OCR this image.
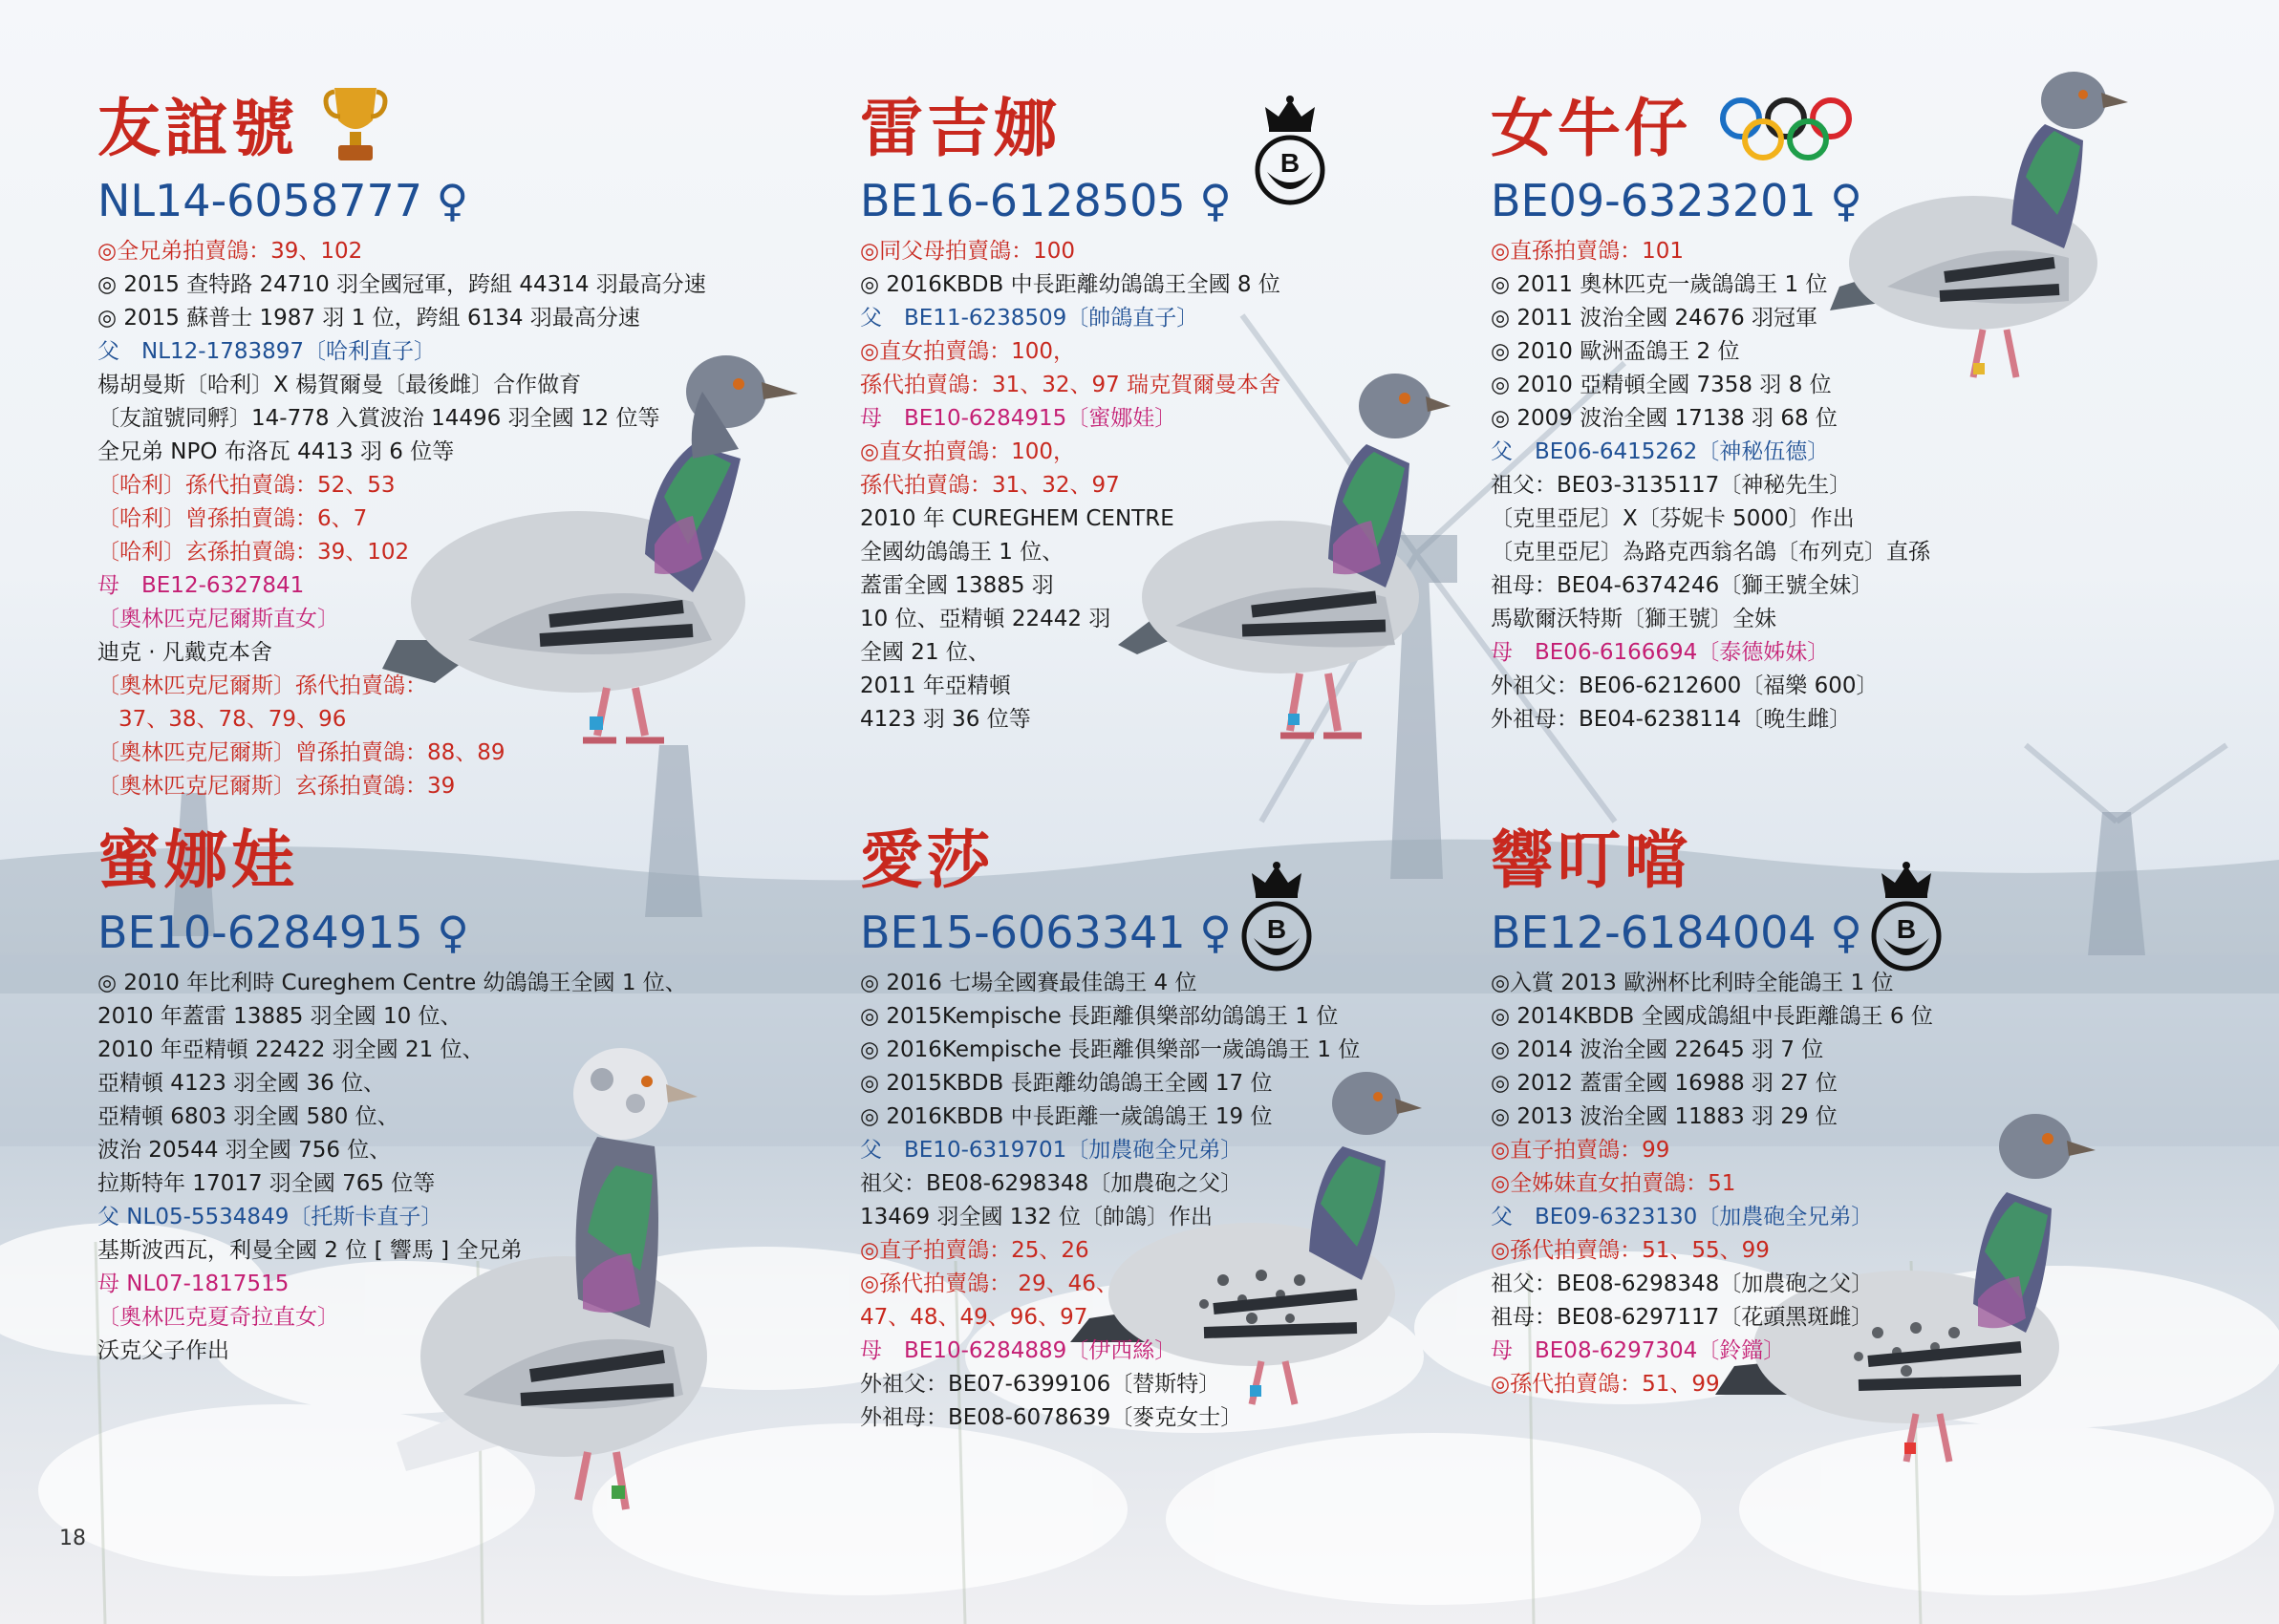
B
B	B
友誼號
NL14-6058777 ♀
◎全兄弟拍賣鴿：39、102
◎ 2015 查特路 24710 羽全國冠軍，跨組 44314 羽最高分速
◎ 2015 蘇普士 1987 羽 1 位，跨組 6134 羽最高分速
父　NL12-1783897〔哈利直子〕
楊胡曼斯〔哈利〕X 楊賀爾曼〔最後雌〕合作做育
〔友誼號同孵〕14-778 入賞波治 14496 羽全國 12 位等
全兄弟 NPO 布洛瓦 4413 羽 6 位等
〔哈利〕孫代拍賣鴿：52、53
〔哈利〕曾孫拍賣鴿：6、7
〔哈利〕玄孫拍賣鴿：39、102
母　BE12-6327841
〔奧林匹克尼爾斯直女〕
迪克 · 凡戴克本舍
〔奧林匹克尼爾斯〕孫代拍賣鴿：
37、38、78、79、96
〔奧林匹克尼爾斯〕曾孫拍賣鴿：88、89
〔奧林匹克尼爾斯〕玄孫拍賣鴿：39
雷吉娜
BE16-6128505 ♀
◎同父母拍賣鴿：100
◎ 2016KBDB 中長距離幼鴿鴿王全國 8 位
父　BE11-6238509〔帥鴿直子〕
◎直女拍賣鴿：100，
孫代拍賣鴿：31、32、97 瑞克賀爾曼本舍
母　BE10-6284915〔蜜娜娃〕
◎直女拍賣鴿：100，
孫代拍賣鴿：31、32、97
2010 年 CUREGHEM CENTRE
全國幼鴿鴿王 1 位、
蓋雷全國 13885 羽
10 位、亞精頓 22442 羽
全國 21 位、
2011 年亞精頓
4123 羽 36 位等
女牛仔
BE09-6323201 ♀
◎直孫拍賣鴿：101
◎ 2011 奧林匹克一歲鴿鴿王 1 位
◎ 2011 波治全國 24676 羽冠軍
◎ 2010 歐洲盃鴿王 2 位
◎ 2010 亞精頓全國 7358 羽 8 位
◎ 2009 波治全國 17138 羽 68 位
父　BE06-6415262〔神秘伍德〕
祖父：BE03-3135117〔神秘先生〕
〔克里亞尼〕X〔芬妮卡 5000〕作出
〔克里亞尼〕為路克西翁名鴿〔布列克〕直孫
祖母：BE04-6374246〔獅王號全妹〕
馬歇爾沃特斯〔獅王號〕全妹
母　BE06-6166694〔泰德姊妹〕
外祖父：BE06-6212600〔福樂 600〕
外祖母：BE04-6238114〔晚生雌〕
蜜娜娃
BE10-6284915 ♀
◎ 2010 年比利時 Cureghem Centre 幼鴿鴿王全國 1 位、
2010 年蓋雷 13885 羽全國 10 位、
2010 年亞精頓 22422 羽全國 21 位、
亞精頓 4123 羽全國 36 位、
亞精頓 6803 羽全國 580 位、
波治 20544 羽全國 756 位、
拉斯特年 17017 羽全國 765 位等
父 NL05-5534849〔托斯卡直子〕
基斯波西瓦，利曼全國 2 位 [ 響馬 ] 全兄弟
母 NL07-1817515
〔奧林匹克夏奇拉直女〕
沃克父子作出
愛莎
BE15-6063341 ♀
◎ 2016 七場全國賽最佳鴿王 4 位
◎ 2015Kempische 長距離俱樂部幼鴿鴿王 1 位
◎ 2016Kempische 長距離俱樂部一歲鴿鴿王 1 位
◎ 2015KBDB 長距離幼鴿鴿王全國 17 位
◎ 2016KBDB 中長距離一歲鴿鴿王 19 位
父　BE10-6319701〔加農砲全兄弟〕
祖父：BE08-6298348〔加農砲之父〕
13469 羽全國 132 位〔帥鴿〕作出
◎直子拍賣鴿：25、26
◎孫代拍賣鴿： 29、46、
47、48、49、96、97
母　BE10-6284889〔伊西絲〕
外祖父：BE07-6399106〔替斯特〕
外祖母：BE08-6078639〔麥克女士〕
響叮噹
BE12-6184004 ♀
◎入賞 2013 歐洲杯比利時全能鴿王 1 位
◎ 2014KBDB 全國成鴿組中長距離鴿王 6 位
◎ 2014 波治全國 22645 羽 7 位
◎ 2012 蓋雷全國 16988 羽 27 位
◎ 2013 波治全國 11883 羽 29 位
◎直子拍賣鴿：99
◎全姊妹直女拍賣鴿：51
父　BE09-6323130〔加農砲全兄弟〕
◎孫代拍賣鴿：51、55、99
祖父：BE08-6298348〔加農砲之父〕
祖母：BE08-6297117〔花頭黑斑雌〕
母　BE08-6297304〔鈴鐺〕
◎孫代拍賣鴿：51、99
18
